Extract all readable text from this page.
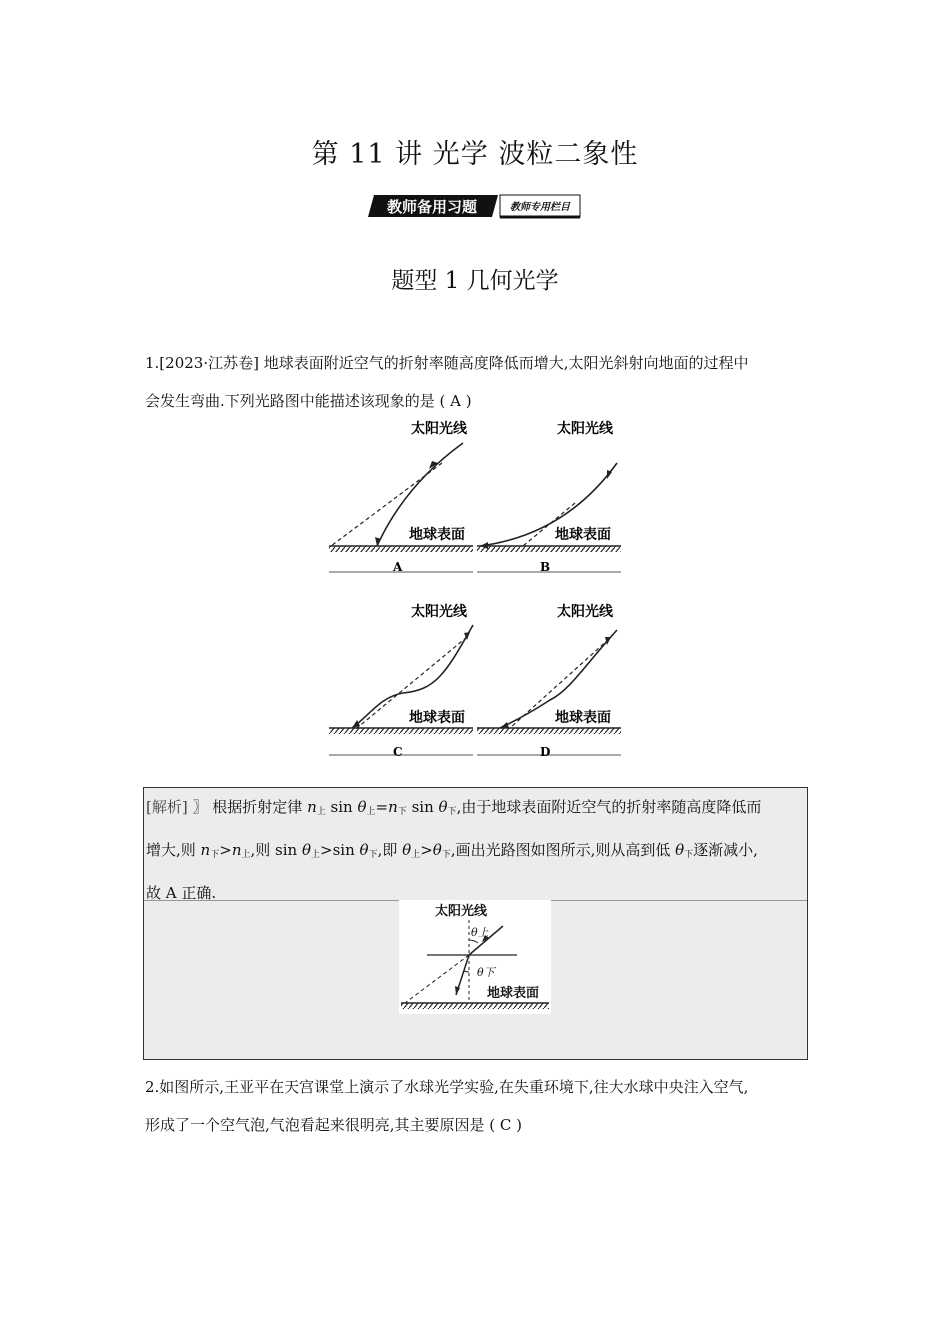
第 11 讲 光学 波粒二象性
教师备用习题	教师专用栏目
题型 1 几何光学
1.[2023·江苏卷] 地球表面附近空气的折射率随高度降低而增大,太阳光斜射向地面的过程中
会发生弯曲.下列光路图中能描述该现象的是 ( A )
太阳光线
地球表面
A
太阳光线
地球表面
B
太阳光线
地球表面
C
太阳光线
地球表面
D
[解析] 〗 根据折射定律 $n_上$ $\sin \theta_上=n_下$ $\sin \theta_下$,由于地球表面附近空气的折射率随高度降低而
增大,则 $n_下>n_上$,则 $\sin \theta_上>\sin$ $\theta_下$,即 $\theta_上>\theta_下$,画出光路图如图所示,则从高到低 $\theta_下$逐渐减小,
故 A 正确.
太阳光线
θ上
θ下
地球表面
2.如图所示,王亚平在天宫课堂上演示了水球光学实验,在失重环境下,往大水球中央注入空气,
形成了一个空气泡,气泡看起来很明亮,其主要原因是 ( C )
